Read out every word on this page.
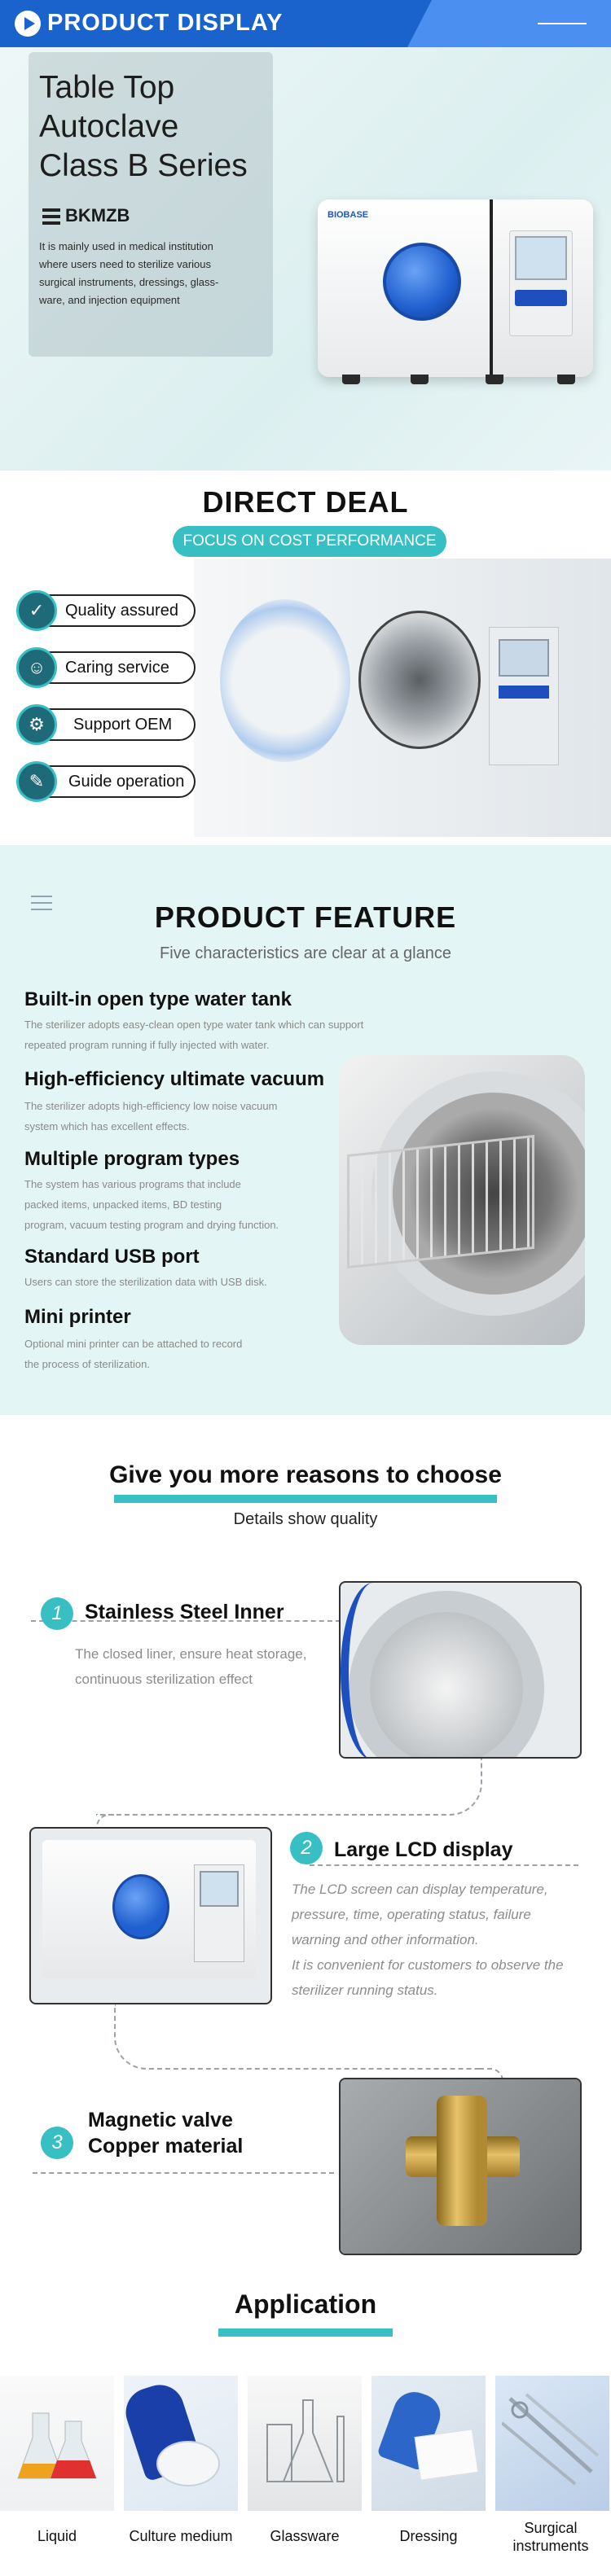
PRODUCT DISPLAY
Table Top
Autoclave
Class B Series
BKMZB
It is mainly used in medical institution
where users need to sterilize various
surgical instruments, dressings, glass-
ware, and injection equipment
BIOBASE
DIRECT DEAL
FOCUS ON COST PERFORMANCE
Quality assured
✓
Caring service
☺
Support OEM
⚙
Guide operation
✎
PRODUCT FEATURE
Five characteristics are clear at a glance
Built-in open type water tank
The sterilizer adopts easy-clean open type water tank which can support
repeated program running if fully injected with water.
High-efficiency ultimate vacuum
The sterilizer adopts high-efficiency low noise vacuum
system which has excellent effects.
Multiple program types
The system has various programs that include
packed items, unpacked items, BD testing
program, vacuum testing program and drying function.
Standard USB port
Users can store the sterilization data with USB disk.
Mini printer
Optional mini printer can be attached to record
the process of sterilization.
Give you more reasons to choose
Details show quality
1	Stainless Steel Inner
The closed liner, ensure heat storage,
continuous sterilization effect
2	Large LCD display
The LCD screen can display temperature,
pressure, time, operating status, failure
warning and other information.
It is convenient for customers to observe the
sterilizer running status.
3
Magnetic valve
Copper material
Application
Liquid	Culture medium	Glassware	Dressing	Surgical
instruments
